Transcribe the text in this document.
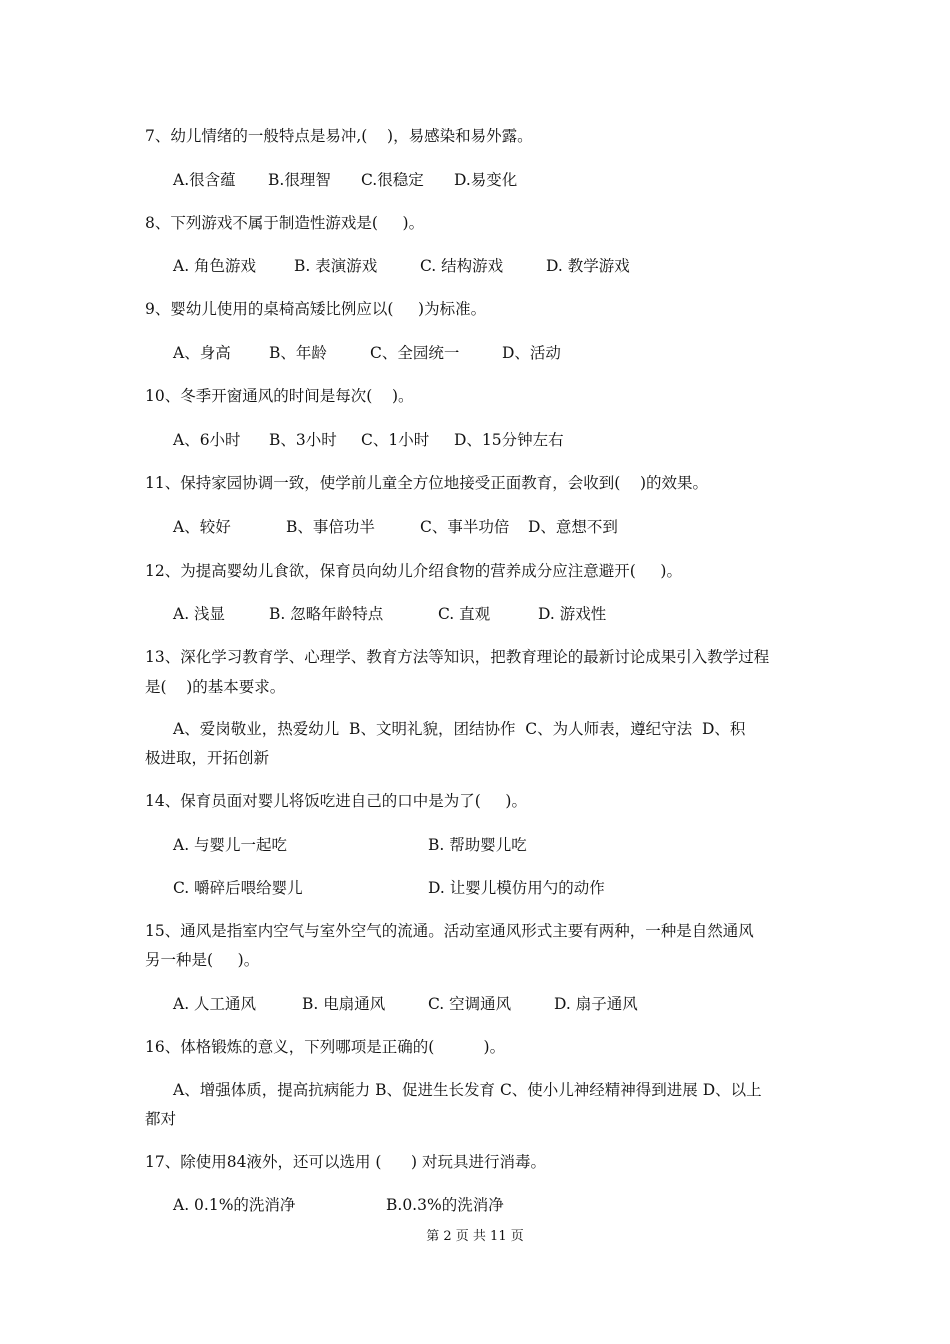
7、幼儿情绪的一般特点是易冲,(    )，易感染和易外露。
A.很含蕴 B.很理智 C.很稳定 D.易变化
8、下列游戏不属于制造性游戏是(     )。
A. 角色游戏 B. 表演游戏	C. 结构游戏	D. 教学游戏
9、婴幼儿使用的桌椅高矮比例应以(     )为标准。
A、身高 B、年龄	C、全园统一	D、活动
10、冬季开窗通风的时间是每次(    )。
A、6小时 B、3小时 C、1小时 D、15分钟左右
11、保持家园协调一致，使学前儿童全方位地接受正面教育，会收到(    )的效果。
A、较好	B、事倍功半	C、事半功倍 D、意想不到
12、为提高婴幼儿食欲，保育员向幼儿介绍食物的营养成分应注意避开(     )。
A. 浅显	B. 忽略年龄特点	C. 直观	D. 游戏性
13、深化学习教育学、心理学、教育方法等知识，把教育理论的最新讨论成果引入教学过程
是(    )的基本要求。
A、爱岗敬业，热爱幼儿  B、文明礼貌，团结协作  C、为人师表，遵纪守法  D、积
极进取，开拓创新
14、保育员面对婴儿将饭吃进自己的口中是为了(     )。
A. 与婴儿一起吃	B. 帮助婴儿吃
C. 嚼碎后喂给婴儿	D. 让婴儿模仿用勺的动作
15、通风是指室内空气与室外空气的流通。活动室通风形式主要有两种，一种是自然通风
另一种是(     )。
A. 人工通风	B. 电扇通风	C. 空调通风	D. 扇子通风
16、体格锻炼的意义，下列哪项是正确的(          )。
A、增强体质，提高抗病能力 B、促进生长发育 C、使小儿神经精神得到进展 D、以上
都对
17、除使用84液外，还可以选用 (      ) 对玩具进行消毒。
A. 0.1%的洗消净	B.0.3%的洗消净
第 2 页 共 11 页
